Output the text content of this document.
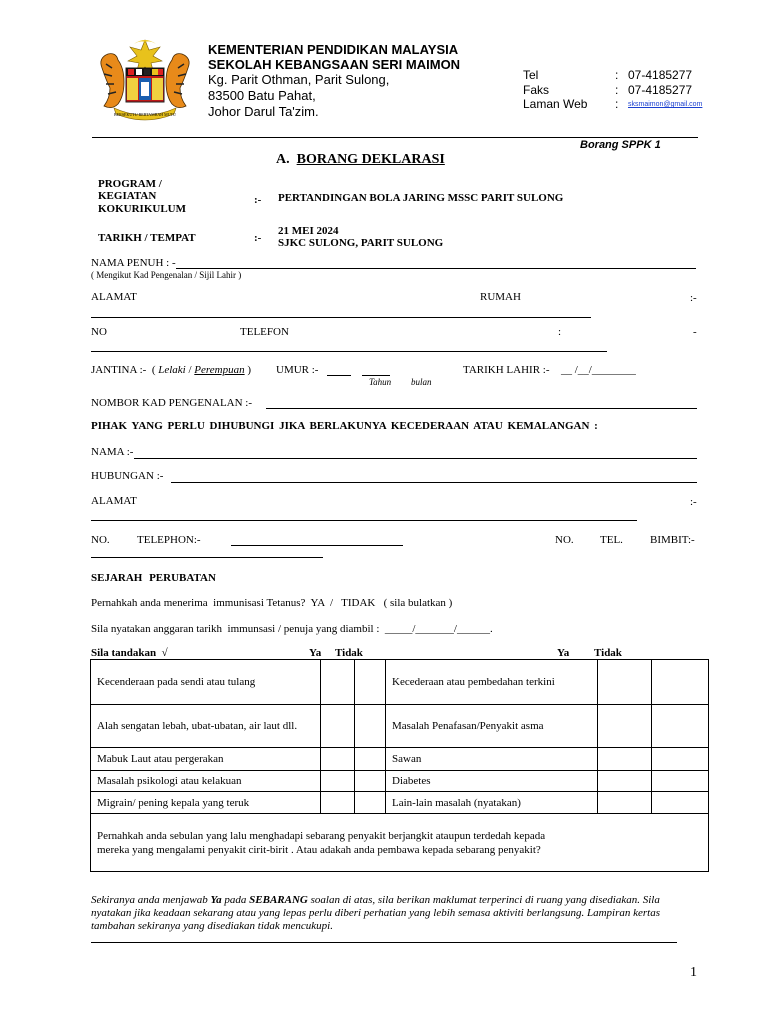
BERSEKUTU BERTAMBAH MUTU
KEMENTERIAN PENDIDIKAN MALAYSIA
SEKOLAH KEBANGSAAN SERI MAIMON
Kg. Parit Othman, Parit Sulong,
83500 Batu Pahat,
Johor Darul Ta'zim.
Tel	: 07-4185277
Faks	: 07-4185277
Laman Web : sksmaimon@gmail.com
Borang SPPK 1
A. BORANG DEKLARASI
PROGRAM /
KEGIATAN
KOKURIKULUM
:- PERTANDINGAN BOLA JARING MSSC PARIT SULONG
TARIKH / TEMPAT	:-
21 MEI 2024
SJKC SULONG, PARIT SULONG
NAMA PENUH : -
( Mengikut Kad Pengenalan / Sijil Lahir )
ALAMAT	RUMAH	:-
NO	TELEFON	:	-
JANTINA :- ( Lelaki / Perempuan ) UMUR :-
Tahun bulan
TARIKH LAHIR :- __ /__/________
NOMBOR KAD PENGENALAN :-
PIHAK YANG PERLU DIHUBUNGI JIKA BERLAKUNYA KECEDERAAN ATAU KEMALANGAN :
NAMA :-
HUBUNGAN :-
ALAMAT	:-
NO. TELEPHON:-	NO. TEL. BIMBIT:-
SEJARAH PERUBATAN
Pernahkah anda menerima  immunisasi Tetanus?  YA  /   TIDAK   ( sila bulatkan )
Sila nyatakan anggaran tarikh  immunsasi / penuja yang diambil :  _____/_______/______.
Sila tandakan √	Ya Tidak	Ya Tidak
Kecenderaan pada sendi atau tulang			Kecederaan atau pembedahan terkini		
Alah sengatan lebah, ubat-ubatan, air laut dll.			Masalah Penafasan/Penyakit asma		
Mabuk Laut atau pergerakan			Sawan		
Masalah psikologi atau kelakuan			Diabetes		
Migrain/ pening kepala yang teruk			Lain-lain masalah (nyatakan)		

Pernahkah anda sebulan yang lalu menghadapi sebarang penyakit berjangkit ataupun terdedah kepada
mereka yang mengalami penyakit cirit-birit . Atau adakah anda pembawa kepada sebarang penyakit?					
Sekiranya anda menjawab Ya pada SEBARANG soalan di atas, sila berikan maklumat terperinci di ruang yang disediakan. Sila
nyatakan jika keadaan sekarang atau yang lepas perlu diberi perhatian yang lebih semasa aktiviti berlangsung. Lampiran kertas
tambahan sekiranya yang disediakan tidak mencukupi.
1
